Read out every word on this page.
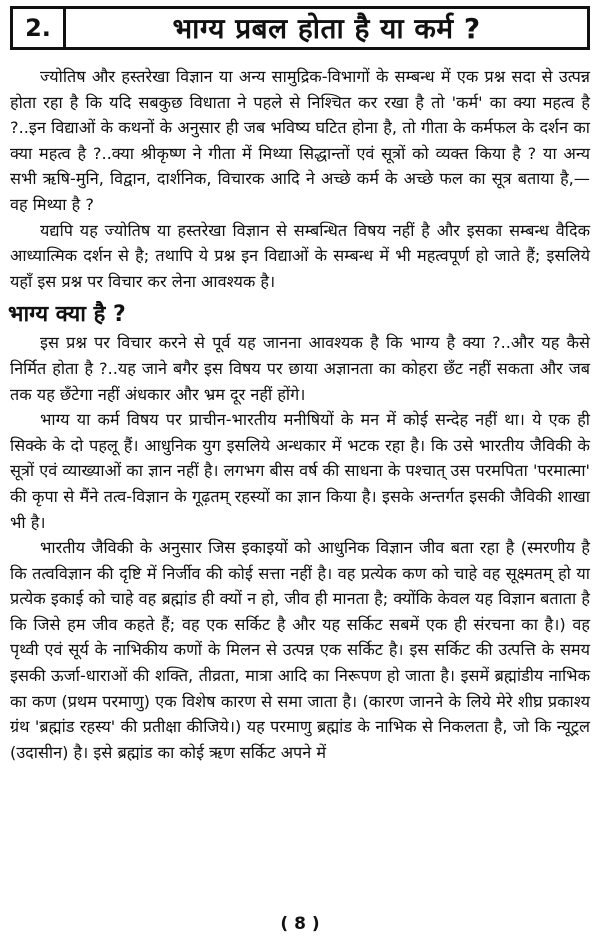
2.	भाग्य प्रबल होता है या कर्म ?

ज्योतिष और हस्तरेखा विज्ञान या अन्य सामुद्रिक-विभागों के सम्बन्ध में एक प्रश्न सदा से उत्पन्न होता रहा है कि यदि सबकुछ विधाता ने पहले से निश्चित कर रखा है तो 'कर्म' का क्या महत्व है ?..इन विद्याओं के कथनों के अनुसार ही जब भविष्य घटित होना है, तो गीता के कर्मफल के दर्शन का क्या महत्व है ?..क्या श्रीकृष्ण ने गीता में मिथ्या सिद्धान्तों एवं सूत्रों को व्यक्त किया है ? या अन्य सभी ऋषि-मुनि, विद्वान, दार्शनिक, विचारक आदि ने अच्छे कर्म के अच्छे फल का सूत्र बताया है,—वह मिथ्या है ?

यद्यपि यह ज्योतिष या हस्तरेखा विज्ञान से सम्बन्धित विषय नहीं है और इसका सम्बन्ध वैदिक आध्यात्मिक दर्शन से है; तथापि ये प्रश्न इन विद्याओं के सम्बन्ध में भी महत्वपूर्ण हो जाते हैं; इसलिये यहाँ इस प्रश्न पर विचार कर लेना आवश्यक है।

भाग्य क्या है ?

इस प्रश्न पर विचार करने से पूर्व यह जानना आवश्यक है कि भाग्य है क्या ?..और यह कैसे निर्मित होता है ?..यह जाने बगैर इस विषय पर छाया अज्ञानता का कोहरा छँट नहीं सकता और जब तक यह छँटेगा नहीं अंधकार और भ्रम दूर नहीं होंगे।

भाग्य या कर्म विषय पर प्राचीन-भारतीय मनीषियों के मन में कोई सन्देह नहीं था। ये एक ही सिक्के के दो पहलू हैं। आधुनिक युग इसलिये अन्धकार में भटक रहा है। कि उसे भारतीय जैविकी के सूत्रों एवं व्याख्याओं का ज्ञान नहीं है। लगभग बीस वर्ष की साधना के पश्चात् उस परमपिता 'परमात्मा' की कृपा से मैंने तत्व-विज्ञान के गूढ़तम् रहस्यों का ज्ञान किया है। इसके अन्तर्गत इसकी जैविकी शाखा भी है।

भारतीय जैविकी के अनुसार जिस इकाइयों को आधुनिक विज्ञान जीव बता रहा है (स्मरणीय है कि तत्वविज्ञान की दृष्टि में निर्जीव की कोई सत्ता नहीं है। वह प्रत्येक कण को चाहे वह सूक्ष्मतम् हो या प्रत्येक इकाई को चाहे वह ब्रह्मांड ही क्यों न हो, जीव ही मानता है; क्योंकि केवल यह विज्ञान बताता है कि जिसे हम जीव कहते हैं; वह एक सर्किट है और यह सर्किट सबमें एक ही संरचना का है।) वह पृथ्वी एवं सूर्य के नाभिकीय कणों के मिलन से उत्पन्न एक सर्किट है। इस सर्किट की उत्पत्ति के समय इसकी ऊर्जा-धाराओं की शक्ति, तीव्रता, मात्रा आदि का निरूपण हो जाता है। इसमें ब्रह्मांडीय नाभिक का कण (प्रथम परमाणु) एक विशेष कारण से समा जाता है। (कारण जानने के लिये मेरे शीघ्र प्रकाश्य ग्रंथ 'ब्रह्मांड रहस्य' की प्रतीक्षा कीजिये।) यह परमाणु ब्रह्मांड के नाभिक से निकलता है, जो कि न्यूट्रल (उदासीन) है। इसे ब्रह्मांड का कोई ऋण सर्किट अपने में

( 8 )
